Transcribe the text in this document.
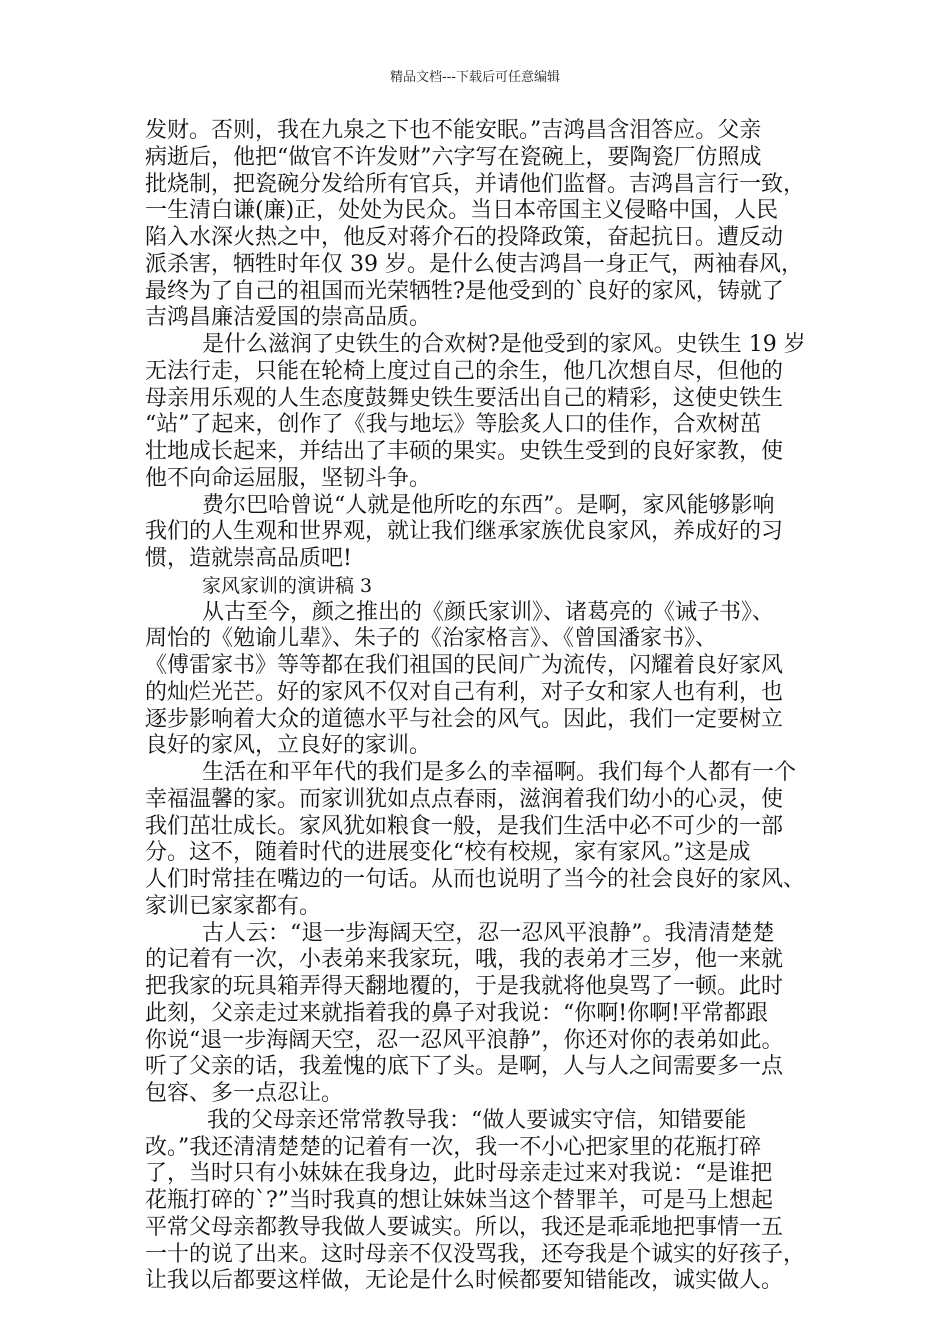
精品文档---下载后可任意编辑
发财。否则，我在九泉之下也不能安眠。”吉鸿昌含泪答应。父亲
病逝后，他把“做官不许发财”六字写在瓷碗上，要陶瓷厂仿照成
批烧制，把瓷碗分发给所有官兵，并请他们监督。吉鸿昌言行一致，
一生清白谦(廉)正，处处为民众。当日本帝国主义侵略中国，人民
陷入水深火热之中，他反对蒋介石的投降政策，奋起抗日。遭反动
派杀害，牺牲时年仅 39 岁。是什么使吉鸿昌一身正气，两袖春风，
最终为了自己的祖国而光荣牺牲?是他受到的`良好的家风，铸就了
吉鸿昌廉洁爱国的崇高品质。
是什么滋润了史铁生的合欢树?是他受到的家风。史铁生 19 岁
无法行走，只能在轮椅上度过自己的余生，他几次想自尽，但他的
母亲用乐观的人生态度鼓舞史铁生要活出自己的精彩，这使史铁生
“站”了起来，创作了《我与地坛》等脍炙人口的佳作，合欢树茁
壮地成长起来，并结出了丰硕的果实。史铁生受到的良好家教，使
他不向命运屈服，坚韧斗争。
费尔巴哈曾说“人就是他所吃的东西”。是啊，家风能够影响
我们的人生观和世界观，就让我们继承家族优良家风，养成好的习
惯，造就崇高品质吧!
家风家训的演讲稿 3
从古至今，颜之推出的《颜氏家训》、诸葛亮的《诫子书》、
周怡的《勉谕儿辈》、朱子的《治家格言》、《曾国潘家书》、
《傅雷家书》等等都在我们祖国的民间广为流传，闪耀着良好家风
的灿烂光芒。好的家风不仅对自己有利，对子女和家人也有利，也
逐步影响着大众的道德水平与社会的风气。因此，我们一定要树立
良好的家风，立良好的家训。
生活在和平年代的我们是多么的幸福啊。我们每个人都有一个
幸福温馨的家。而家训犹如点点春雨，滋润着我们幼小的心灵，使
我们茁壮成长。家风犹如粮食一般，是我们生活中必不可少的一部
分。这不，随着时代的进展变化“校有校规，家有家风。”这是成
人们时常挂在嘴边的一句话。从而也说明了当今的社会良好的家风、
家训已家家都有。
古人云：“退一步海阔天空，忍一忍风平浪静”。我清清楚楚
的记着有一次，小表弟来我家玩，哦，我的表弟才三岁，他一来就
把我家的玩具箱弄得天翻地覆的，于是我就将他臭骂了一顿。此时
此刻，父亲走过来就指着我的鼻子对我说：“你啊!你啊!平常都跟
你说“退一步海阔天空，忍一忍风平浪静”，你还对你的表弟如此。
听了父亲的话，我羞愧的底下了头。是啊，人与人之间需要多一点
包容、多一点忍让。
我的父母亲还常常教导我：“做人要诚实守信，知错要能
改。”我还清清楚楚的记着有一次，我一不小心把家里的花瓶打碎
了，当时只有小妹妹在我身边，此时母亲走过来对我说：“是谁把
花瓶打碎的`?”当时我真的想让妹妹当这个替罪羊，可是马上想起
平常父母亲都教导我做人要诚实。所以，我还是乖乖地把事情一五
一十的说了出来。这时母亲不仅没骂我，还夸我是个诚实的好孩子，
让我以后都要这样做，无论是什么时候都要知错能改，诚实做人。
